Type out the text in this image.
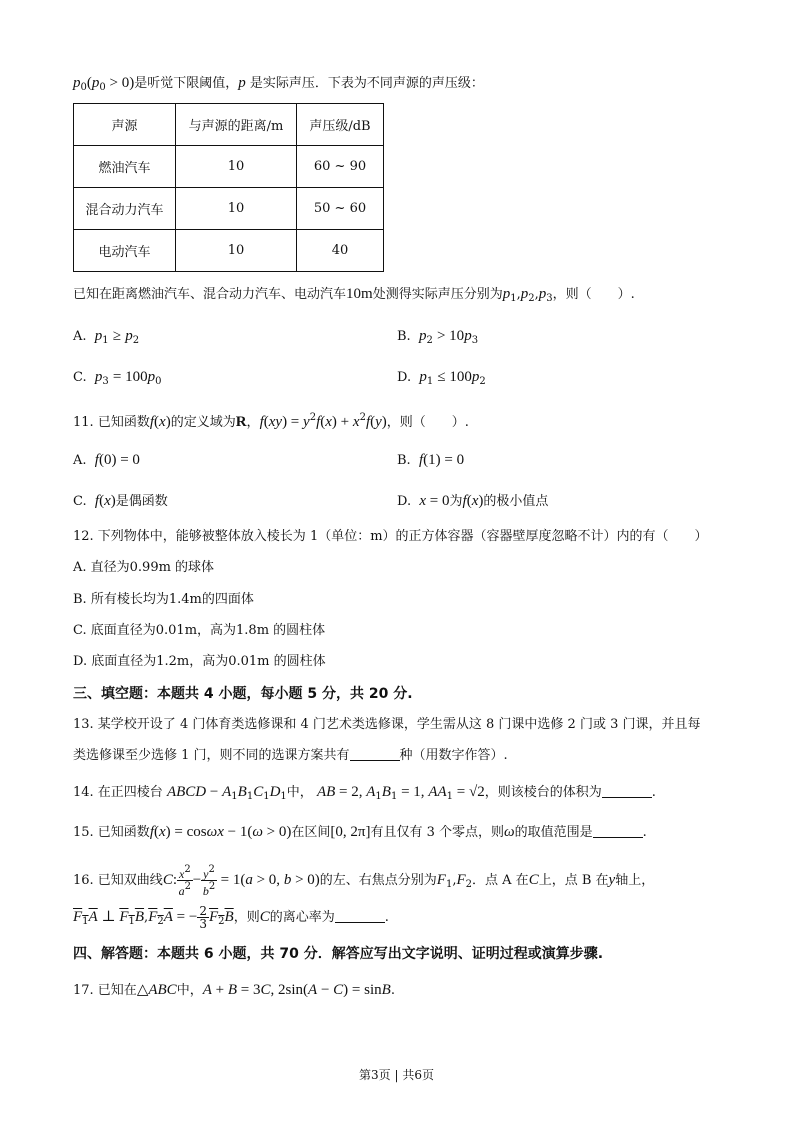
$p_0(p_0 > 0)$是听觉下限阈值，p 是实际声压．下表为不同声源的声压级：
声源	与声源的距离/m	声压级/dB
燃油汽车	10	60 ~ 90
混合动力汽车	10	50 ~ 60
电动汽车	10	40
已知在距离燃油汽车、混合动力汽车、电动汽车10m处测得实际声压分别为$p_1,p_2,p_3$，则（　　）.
A. $p_1 \ge p_2$	B. $p_2 > 10p_3$
C. $p_3 = 100p_0$	D. $p_1 \le 100p_2$
11. 已知函数f(x)的定义域为R，$f(xy) = y^2f(x) + x^2f(y)$，则（　　）.
A. f(0) = 0	B. f(1) = 0
C. f(x)是偶函数	D. x = 0为f(x)的极小值点
12. 下列物体中，能够被整体放入棱长为 1（单位：m）的正方体容器（容器壁厚度忽略不计）内的有（　　）
A. 直径为0.99m 的球体
B. 所有棱长均为1.4m的四面体
C. 底面直径为0.01m，高为1.8m 的圆柱体
D. 底面直径为1.2m，高为0.01m 的圆柱体
三、填空题：本题共 4 小题，每小题 5 分，共 20 分.
13. 某学校开设了 4 门体育类选修课和 4 门艺术类选修课，学生需从这 8 门课中选修 2 门或 3 门课，并且每
类选修课至少选修 1 门，则不同的选课方案共有	种（用数字作答）.
14. 在正四棱台 ABCD − $A_1B_1C_1D_1$中， AB = 2, $A_1B_1 = 1$, $AA_1 = √2$，则该棱台的体积为	.
15. 已知函数f(x) = cosωx − 1(ω > 0)在区间[0, 2π]有且仅有 3 个零点，则ω的取值范围是	.
16. 已知双曲线C: $\frac{x^2}{a^2} - \frac{y^2}{b^2} = 1(a > 0$, b > 0)的左、右焦点分别为$F_1,F_2$．点 A 在C上，点 B 在y轴上，
$F_1A$ ⊥ $F_1B,F_2A$ = − $\frac{2}{3} F_2B$，则C的离心率为	.
四、解答题：本题共 6 小题，共 70 分．解答应写出文字说明、证明过程或演算步骤.
17. 已知在△ABC中，A + B = 3C, 2sin(A − C) = sinB.
第3页 | 共6页
